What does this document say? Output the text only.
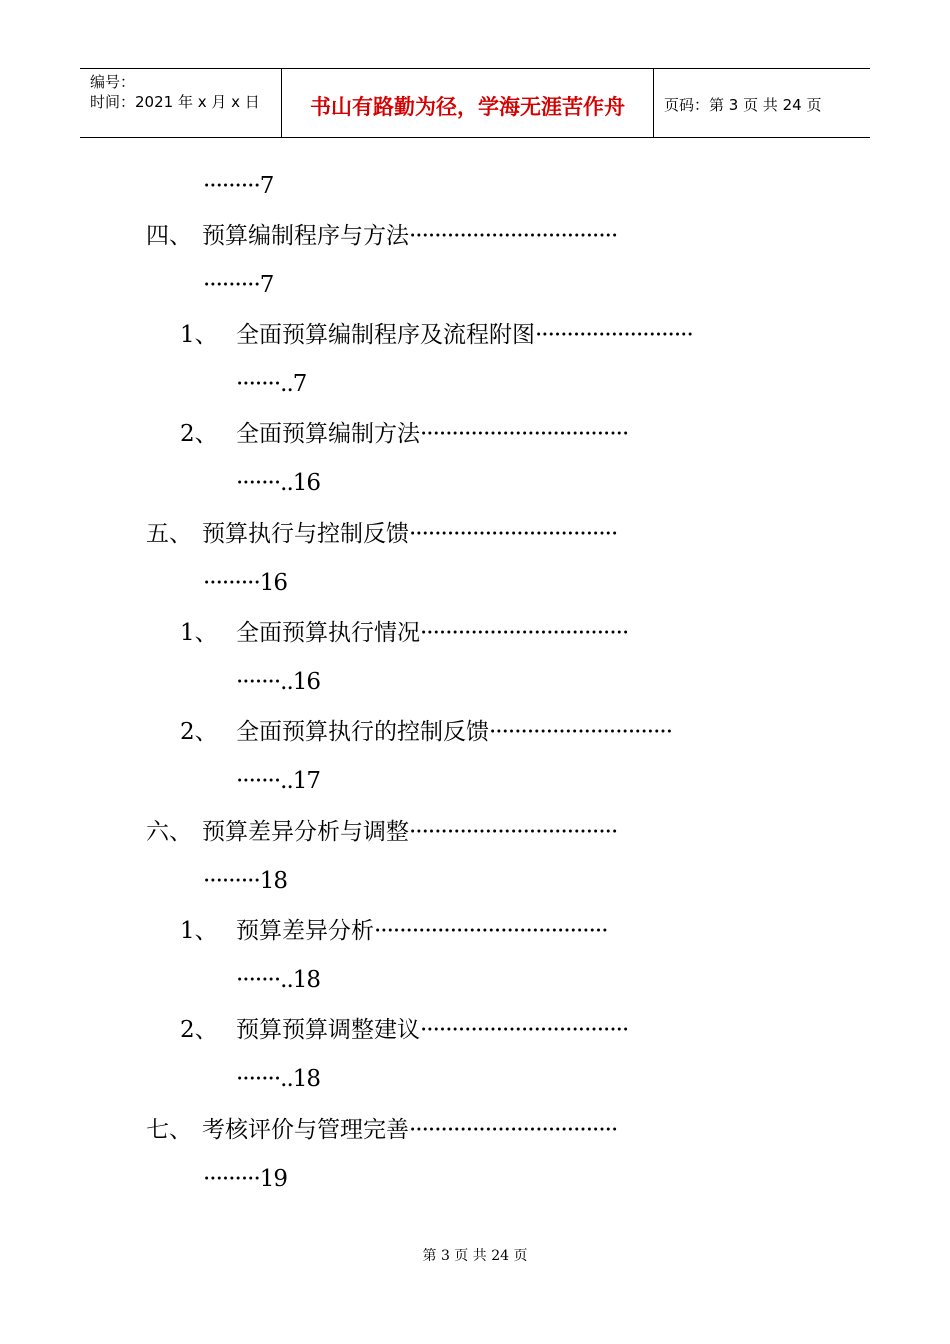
编号：
时间：2021 年 x 月 x 日	书山有路勤为径，学海无涯苦作舟	页码：第 3 页 共 24 页
·········7
四、 预算编制程序与方法·································
·········7
1、 全面预算编制程序及流程附图·························
·······..7
2、 全面预算编制方法·································
·······..16
五、 预算执行与控制反馈·································
·········16
1、 全面预算执行情况·································
·······..16
2、 全面预算执行的控制反馈·····························
·······..17
六、 预算差异分析与调整·································
·········18
1、 预算差异分析·····································
·······..18
2、 预算预算调整建议·································
·······..18
七、 考核评价与管理完善·································
·········19
第 3 页 共 24 页
